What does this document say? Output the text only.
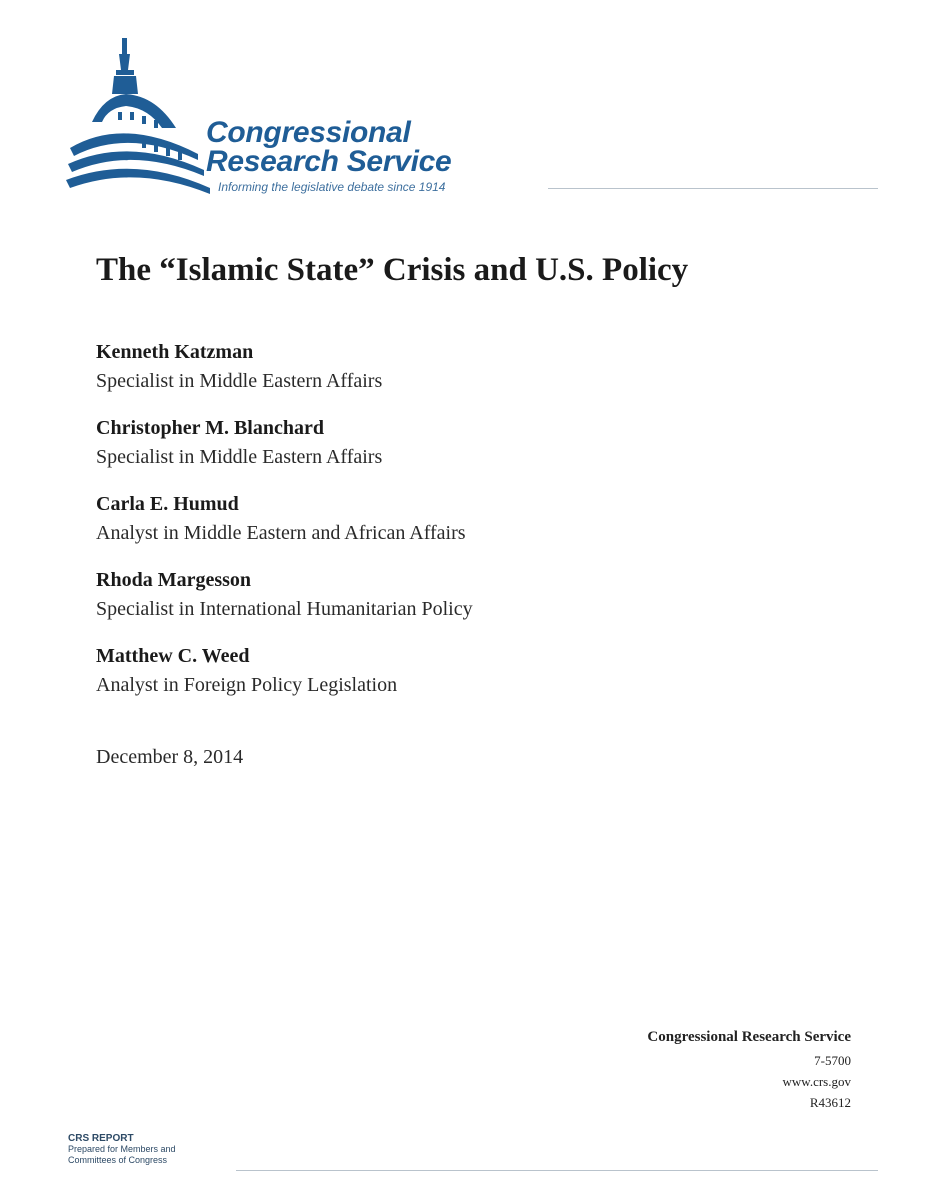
Congressional
Research Service
Informing the legislative debate since 1914
The “Islamic State” Crisis and U.S. Policy
Kenneth Katzman
Specialist in Middle Eastern Affairs
Christopher M. Blanchard
Specialist in Middle Eastern Affairs
Carla E. Humud
Analyst in Middle Eastern and African Affairs
Rhoda Margesson
Specialist in International Humanitarian Policy
Matthew C. Weed
Analyst in Foreign Policy Legislation
December 8, 2014
Congressional Research Service
7-5700
www.crs.gov
R43612
CRS REPORT
Prepared for Members and
Committees of Congress
